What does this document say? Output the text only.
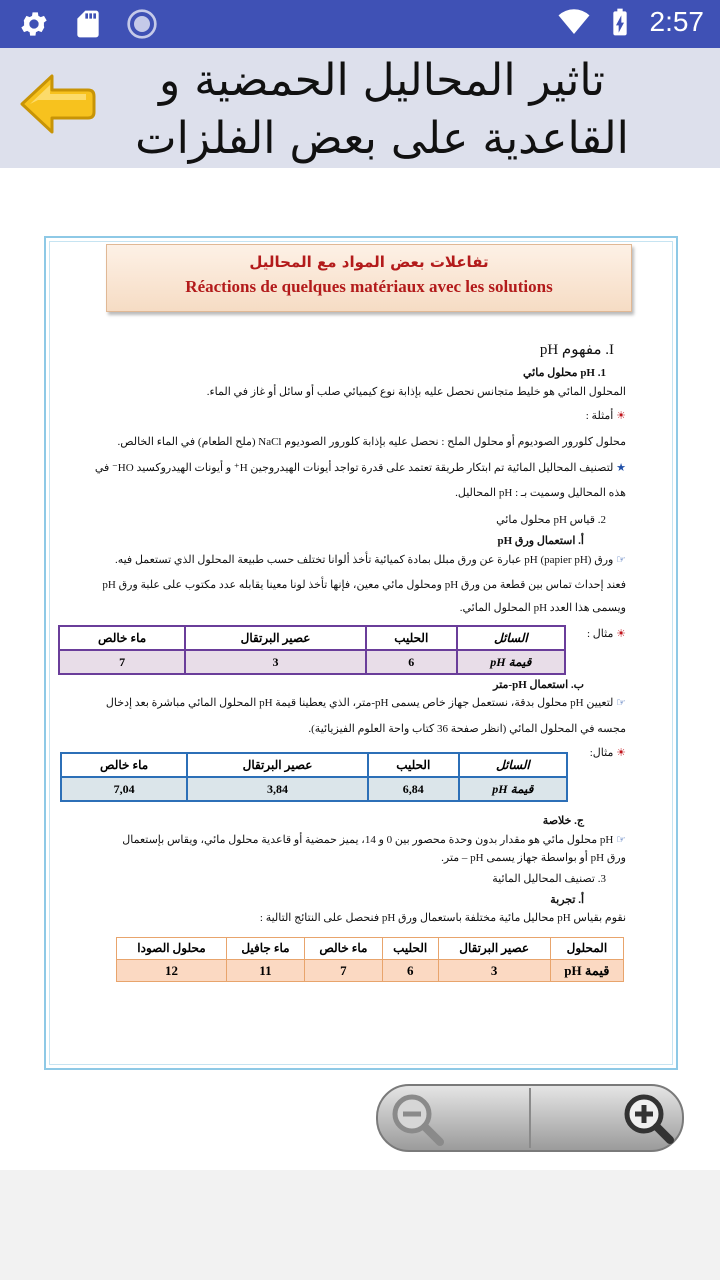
2:57
تاثير المحاليل الحمضية و
القاعدية على بعض الفلزات
تفاعلات بعض المواد مع المحاليل
Réactions de quelques matériaux avec les solutions

I. مفهوم pH

1. pH محلول مائي

المحلول المائي هو خليط متجانس نحصل عليه بإذابة نوع كيميائي صلب أو سائل أو غاز في الماء.

☀ أمثلة :

محلول كلورور الصوديوم أو محلول الملح : نحصل عليه بإذابة كلورور الصوديوم NaCl (ملح الطعام) في الماء الخالص.

★ لتصنيف المحاليل المائية تم ابتكار طريقة تعتمد على قدرة تواجد أيونات الهيدروجين H⁺ و أيونات الهيدروكسيد HO⁻ في

هذه المحاليل وسميت بـ : pH المحاليل.

2. قياس pH محلول مائي

أ. استعمال ورق pH

☞ ورق pH (papier pH) عبارة عن ورق مبلل بمادة كميائية تأخذ ألوانا تختلف حسب طبيعة المحلول الذي تستعمل فيه.

فعند إحداث تماس بين قطعة من ورق pH ومحلول مائي معين، فإنها تأخذ لونا معينا يقابله عدد مكتوب على علبة ورق pH

ويسمى هذا العدد pH المحلول المائي.

☀ مثال :

السائل	الحليب	عصير البرتقال	ماء خالص
قيمة pH	6	3	7

ب. استعمال pH-متر

☞ لتعيين pH محلول بدقة، نستعمل جهاز خاص يسمى pH-متر، الذي يعطينا قيمة pH المحلول المائي مباشرة بعد إدخال

مجسه في المحلول المائي (انظر صفحة 36 كتاب واحة العلوم الفيزيائية).

☀ مثال:

السائل	الحليب	عصير البرتقال	ماء خالص
قيمة pH	6,84	3,84	7,04

ج. خلاصة

☞ pH محلول مائي هو مقدار بدون وحدة محصور بين 0 و 14، يميز حمضية أو قاعدية محلول مائي، ويقاس بإستعمال

ورق pH أو بواسطة جهاز يسمى pH – متر.

3. تصنيف المحاليل المائية

أ. تجربة

نقوم بقياس pH محاليل مائية مختلفة باستعمال ورق pH فنحصل على النتائج التالية :

المحلول	عصير البرتقال	الحليب	ماء خالص	ماء جافيل	محلول الصودا
قيمة pH	3	6	7	11	12
